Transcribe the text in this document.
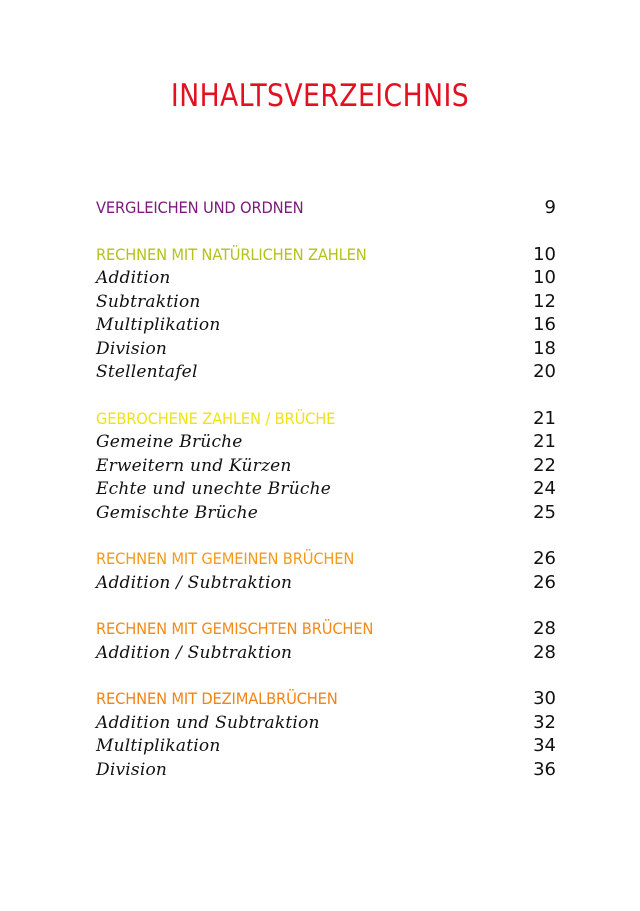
INHALTSVERZEICHNIS
VERGLEICHEN UND ORDNEN	9
RECHNEN MIT NATÜRLICHEN ZAHLEN	10
Addition	10
Subtraktion	12
Multiplikation	16
Division	18
Stellentafel	20
GEBROCHENE ZAHLEN / BRÜCHE	21
Gemeine Brüche	21
Erweitern und Kürzen	22
Echte und unechte Brüche	24
Gemischte Brüche	25
RECHNEN MIT GEMEINEN BRÜCHEN	26
Addition / Subtraktion	26
RECHNEN MIT GEMISCHTEN BRÜCHEN	28
Addition / Subtraktion	28
RECHNEN MIT DEZIMALBRÜCHEN	30
Addition und Subtraktion	32
Multiplikation	34
Division	36
